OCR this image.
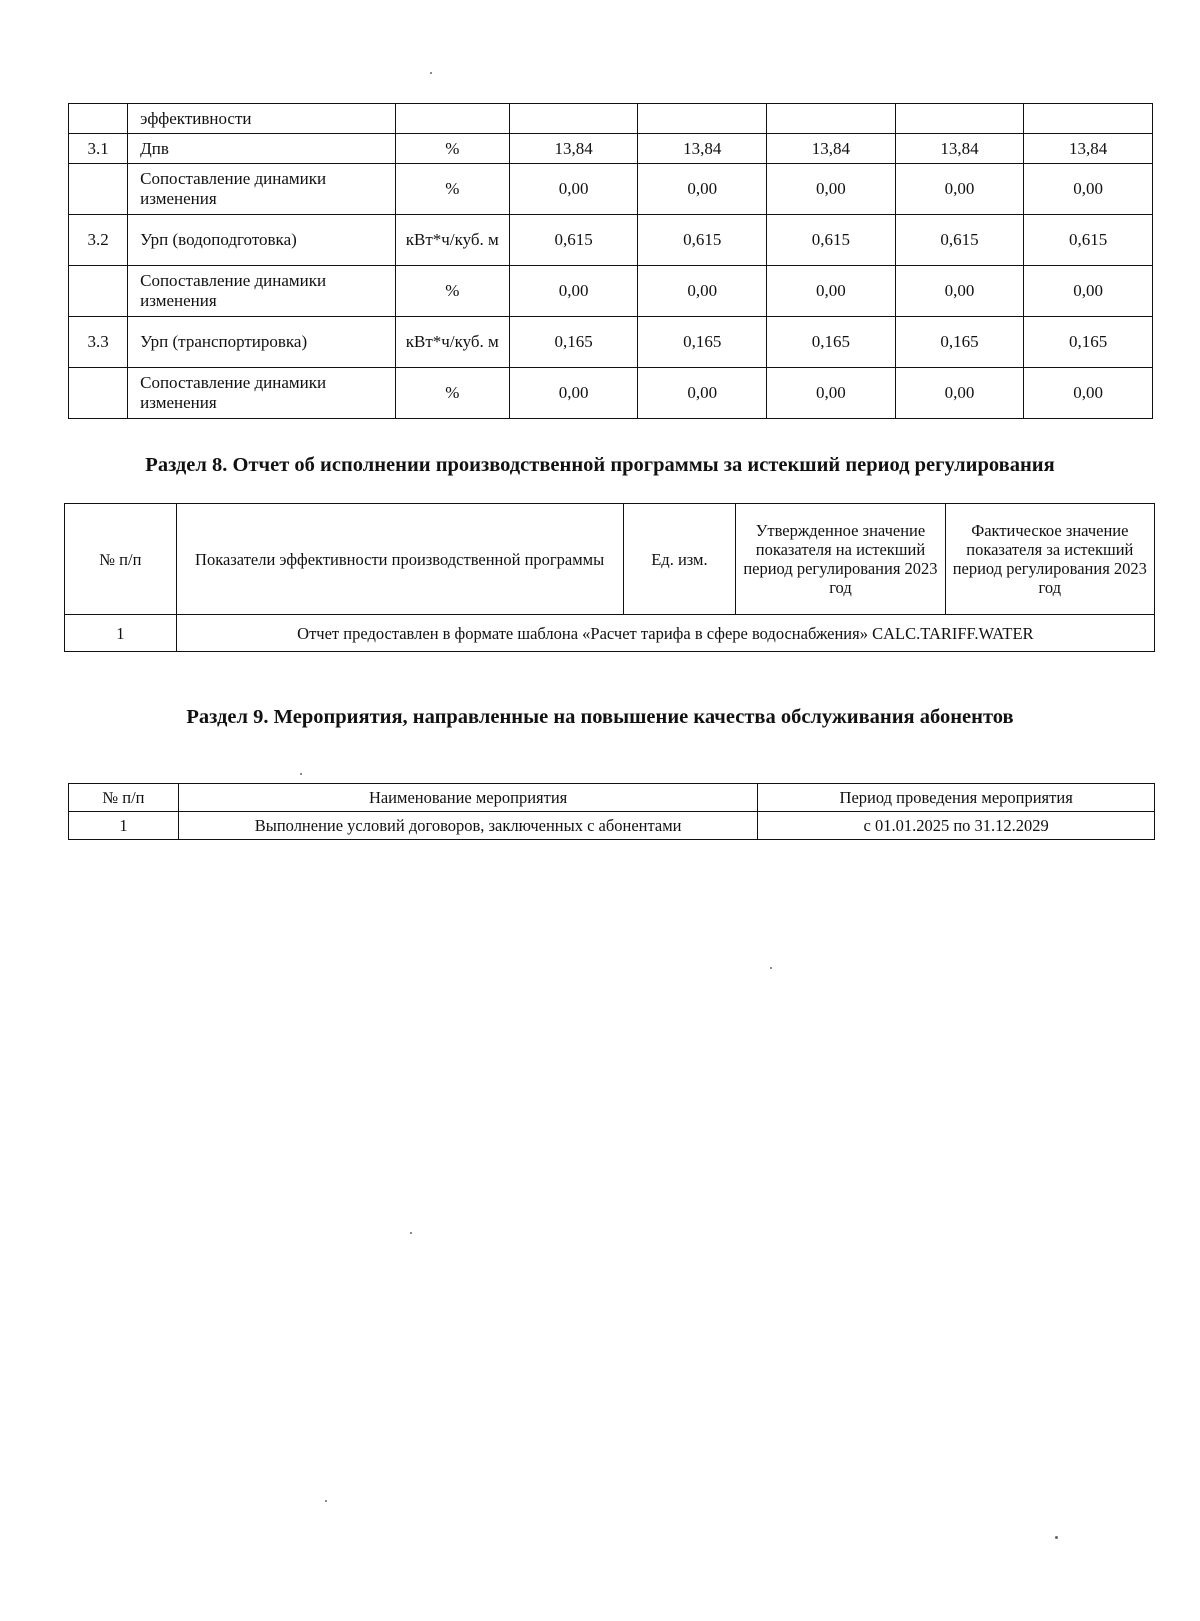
	эффективности						
3.1	Дпв	%	13,84	13,84	13,84	13,84	13,84

	Сопоставление динамики изменения	%	0,00	0,00	0,00	0,00	0,00
3.2	Урп (водоподготовка)	кВт*ч/куб. м	0,615	0,615	0,615	0,615	0,615

	Сопоставление динамики изменения	%	0,00	0,00	0,00	0,00	0,00
3.3	Урп (транспортировка)	кВт*ч/куб. м	0,165	0,165	0,165	0,165	0,165

	Сопоставление динамики изменения	%	0,00	0,00	0,00	0,00	0,00
Раздел 8. Отчет об исполнении производственной программы за истекший период регулирования
№ п/п	Показатели эффективности производственной программы	Ед. изм.	Утвержденное значение показателя на истекший период регулирования 2023 год	Фактическое значение показателя за истекший период регулирования 2023 год
1	Отчет предоставлен в формате шаблона «Расчет тарифа в сфере водоснабжения» CALC.TARIFF.WATER			
Раздел 9. Мероприятия, направленные на повышение качества обслуживания абонентов
№ п/п	Наименование мероприятия	Период проведения мероприятия
1	Выполнение условий договоров, заключенных с абонентами	с 01.01.2025 по 31.12.2029
